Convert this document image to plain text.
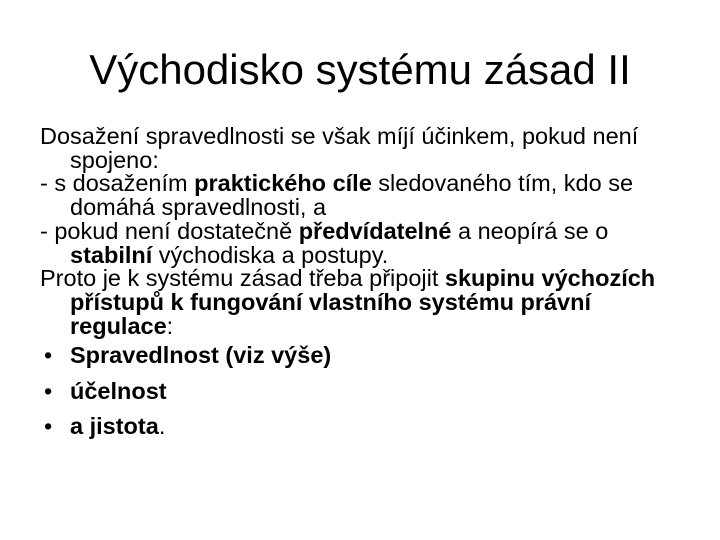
Východisko systému zásad II

Dosažení spravedlnosti se však míjí účinkem, pokud není spojeno:

- s dosažením praktického cíle sledovaného tím, kdo se domáhá spravedlnosti, a

- pokud není dostatečně předvídatelné a neopírá se o stabilní východiska a postupy.

Proto je k systému zásad třeba připojit skupinu výchozích přístupů k fungování vlastního systému právní regulace:

• Spravedlnost (viz výše)
• účelnost
• a jistota.
